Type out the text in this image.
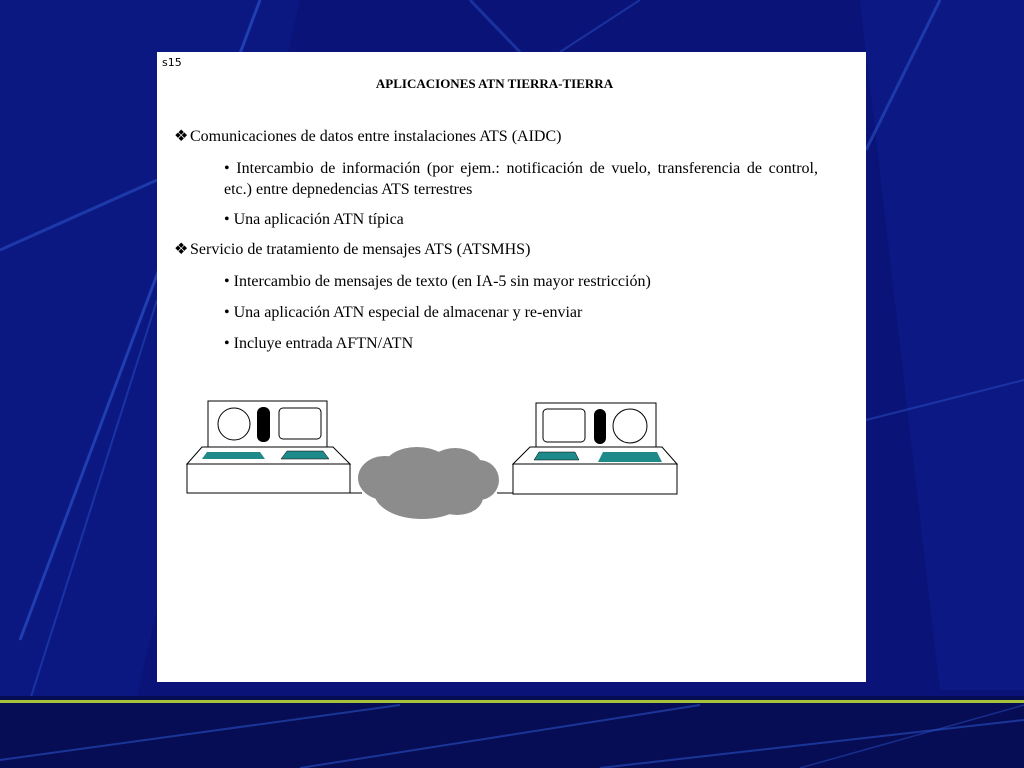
s15
APLICACIONES ATN TIERRA-TIERRA
❖ Comunicaciones de datos entre instalaciones ATS (AIDC)
• Intercambio de información (por ejem.: notificación de vuelo, transferencia de control, etc.) entre depnedencias ATS terrestres
• Una aplicación ATN típica
❖ Servicio de tratamiento de mensajes ATS (ATSMHS)
• Intercambio de mensajes de texto (en IA-5 sin mayor restricción)
• Una aplicación ATN especial de almacenar y re-enviar
• Incluye entrada AFTN/ATN
